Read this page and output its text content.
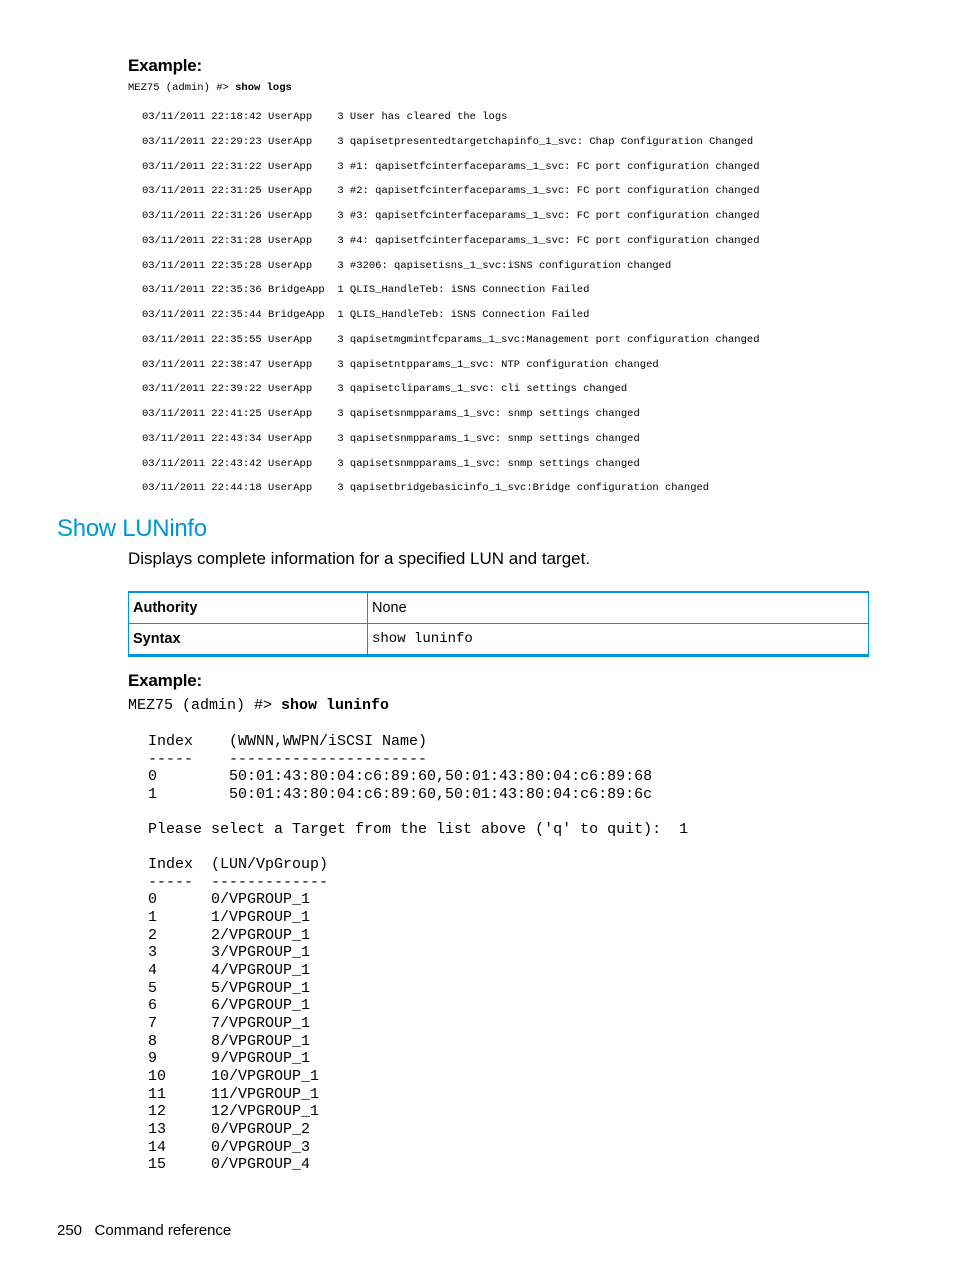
Example:
MEZ75 (admin) #> show logs
03/11/2011 22:18:42 UserApp    3 User has cleared the logs
03/11/2011 22:29:23 UserApp    3 qapisetpresentedtargetchapinfo_1_svc: Chap Configuration Changed
03/11/2011 22:31:22 UserApp    3 #1: qapisetfcinterfaceparams_1_svc: FC port configuration changed
03/11/2011 22:31:25 UserApp    3 #2: qapisetfcinterfaceparams_1_svc: FC port configuration changed
03/11/2011 22:31:26 UserApp    3 #3: qapisetfcinterfaceparams_1_svc: FC port configuration changed
03/11/2011 22:31:28 UserApp    3 #4: qapisetfcinterfaceparams_1_svc: FC port configuration changed
03/11/2011 22:35:28 UserApp    3 #3206: qapisetisns_1_svc:iSNS configuration changed
03/11/2011 22:35:36 BridgeApp  1 QLIS_HandleTeb: iSNS Connection Failed
03/11/2011 22:35:44 BridgeApp  1 QLIS_HandleTeb: iSNS Connection Failed
03/11/2011 22:35:55 UserApp    3 qapisetmgmintfcparams_1_svc:Management port configuration changed
03/11/2011 22:38:47 UserApp    3 qapisetntpparams_1_svc: NTP configuration changed
03/11/2011 22:39:22 UserApp    3 qapisetcliparams_1_svc: cli settings changed
03/11/2011 22:41:25 UserApp    3 qapisetsnmpparams_1_svc: snmp settings changed
03/11/2011 22:43:34 UserApp    3 qapisetsnmpparams_1_svc: snmp settings changed
03/11/2011 22:43:42 UserApp    3 qapisetsnmpparams_1_svc: snmp settings changed
03/11/2011 22:44:18 UserApp    3 qapisetbridgebasicinfo_1_svc:Bridge configuration changed
Show LUNinfo
Displays complete information for a specified LUN and target.
Authority	None
Syntax	show luninfo
Example:
MEZ75 (admin) #> show luninfo
Index    (WWNN,WWPN/iSCSI Name)
-----    ----------------------
0        50:01:43:80:04:c6:89:60,50:01:43:80:04:c6:89:68
1        50:01:43:80:04:c6:89:60,50:01:43:80:04:c6:89:6c

Please select a Target from the list above ('q' to quit):  1
Index  (LUN/VpGroup)
-----  -------------
0      0/VPGROUP_1
1      1/VPGROUP_1
2      2/VPGROUP_1
3      3/VPGROUP_1
4      4/VPGROUP_1
5      5/VPGROUP_1
6      6/VPGROUP_1
7      7/VPGROUP_1
8      8/VPGROUP_1
9      9/VPGROUP_1
10     10/VPGROUP_1
11     11/VPGROUP_1
12     12/VPGROUP_1
13     0/VPGROUP_2
14     0/VPGROUP_3
15     0/VPGROUP_4
250 Command reference
